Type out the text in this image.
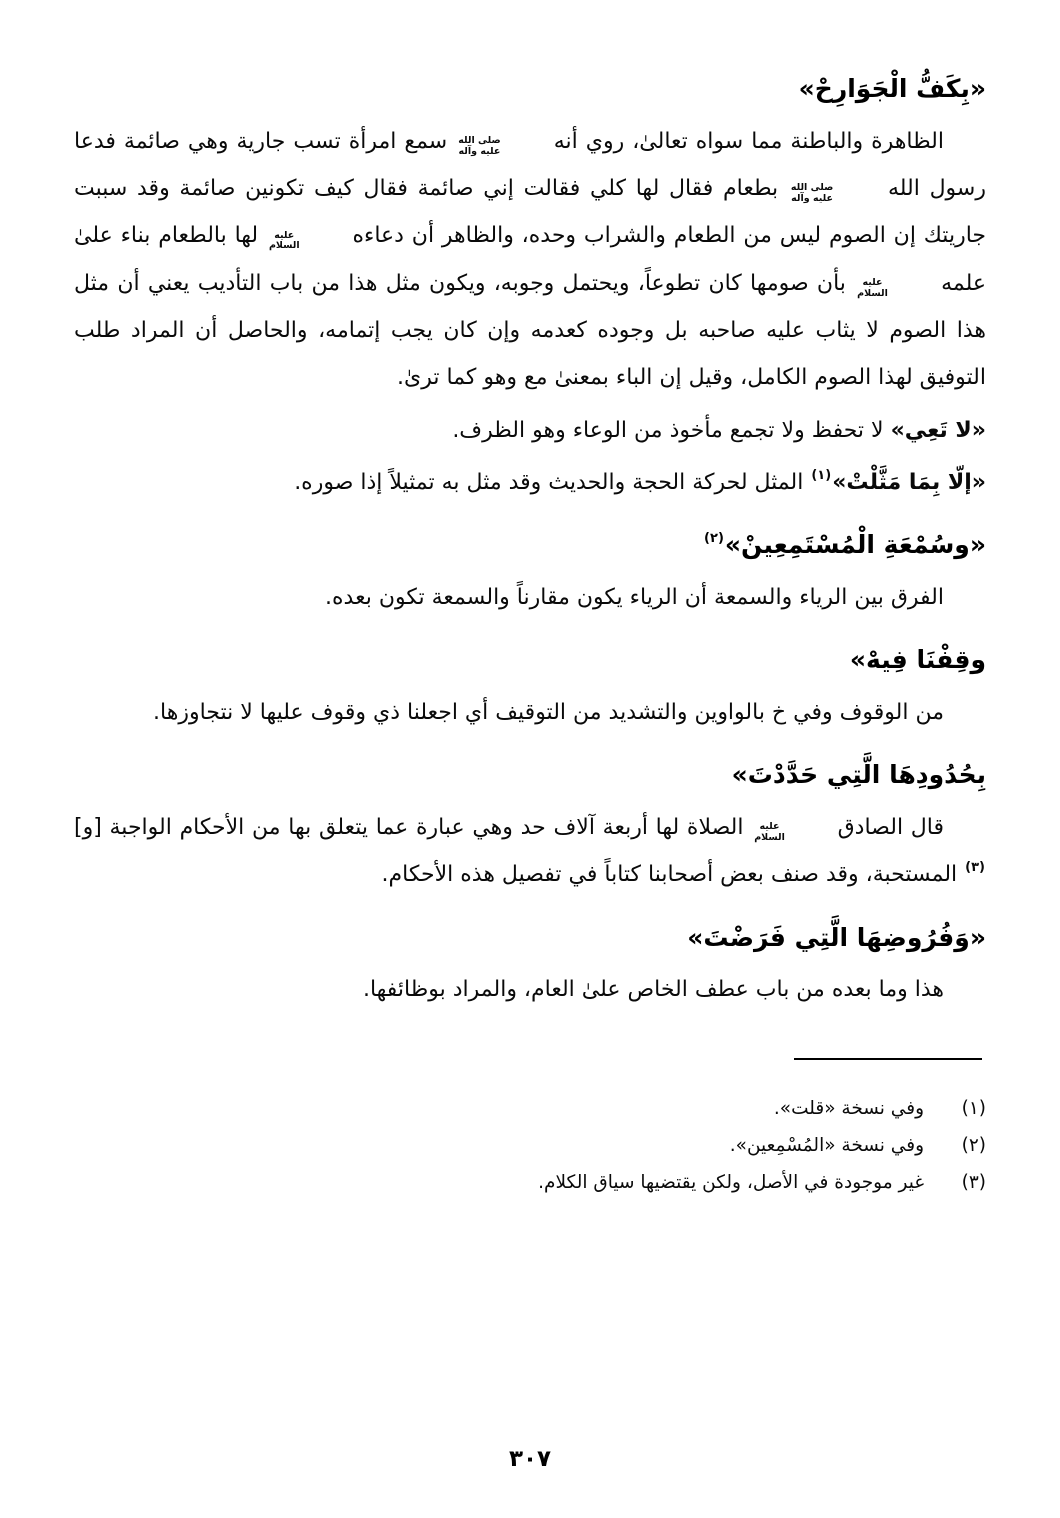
«بِكَفُّ الْجَوَارِحْ»
الظاهرة والباطنة مما سواه تعالىٰ، روي أنه
صلى الله
عليه وآله
سمع امرأة تسب جارية وهي صائمة فدعا رسول الله
صلى الله
عليه وآله
بطعام فقال لها كلي فقالت إني صائمة فقال كيف تكونين صائمة وقد سببت جاريتك إن الصوم ليس من الطعام والشراب وحده، والظاهر أن دعاءه
عليه
السلام
لها بالطعام بناء علىٰ علمه
عليه
السلام
بأن صومها كان تطوعاً، ويحتمل وجوبه، ويكون مثل هذا من باب التأديب يعني أن مثل هذا الصوم لا يثاب عليه صاحبه بل وجوده كعدمه وإن كان يجب إتمامه، والحاصل أن المراد طلب التوفيق لهذا الصوم الكامل، وقيل إن الباء بمعنىٰ مع وهو كما ترىٰ.
«لا تَعِي» لا تحفظ ولا تجمع مأخوذ من الوعاء وهو الظرف.
«إلّا بِمَا مَثَّلْتْ»$^{(١)}$ المثل لحركة الحجة والحديث وقد مثل به تمثيلاً إذا صوره.
«وسُمْعَةِ الْمُسْتَمِعِينْ»$^{(٢)}$
الفرق بين الرياء والسمعة أن الرياء يكون مقارناً والسمعة تكون بعده.
وقِفْنَا فِيهْ»
من الوقوف وفي خ بالواوين والتشديد من التوقيف أي اجعلنا ذي وقوف عليها لا نتجاوزها.
بِحُدُودِهَا الَّتِي حَدَّدْتَ»
قال الصادق
عليه
السلام
الصلاة لها أربعة آلاف حد وهي عبارة عما يتعلق بها من الأحكام الواجبة [و]$^{(٣)}$ المستحبة، وقد صنف بعض أصحابنا كتاباً في تفصيل هذه الأحكام.
«وَفُرُوضِهَا الَّتِي فَرَضْتَ»
هذا وما بعده من باب عطف الخاص علىٰ العام، والمراد بوظائفها.
(١)
وفي نسخة «قلت».
(٢)
وفي نسخة «المُسْمِعين».
(٣)
غير موجودة في الأصل، ولكن يقتضيها سياق الكلام.
٣٠٧
